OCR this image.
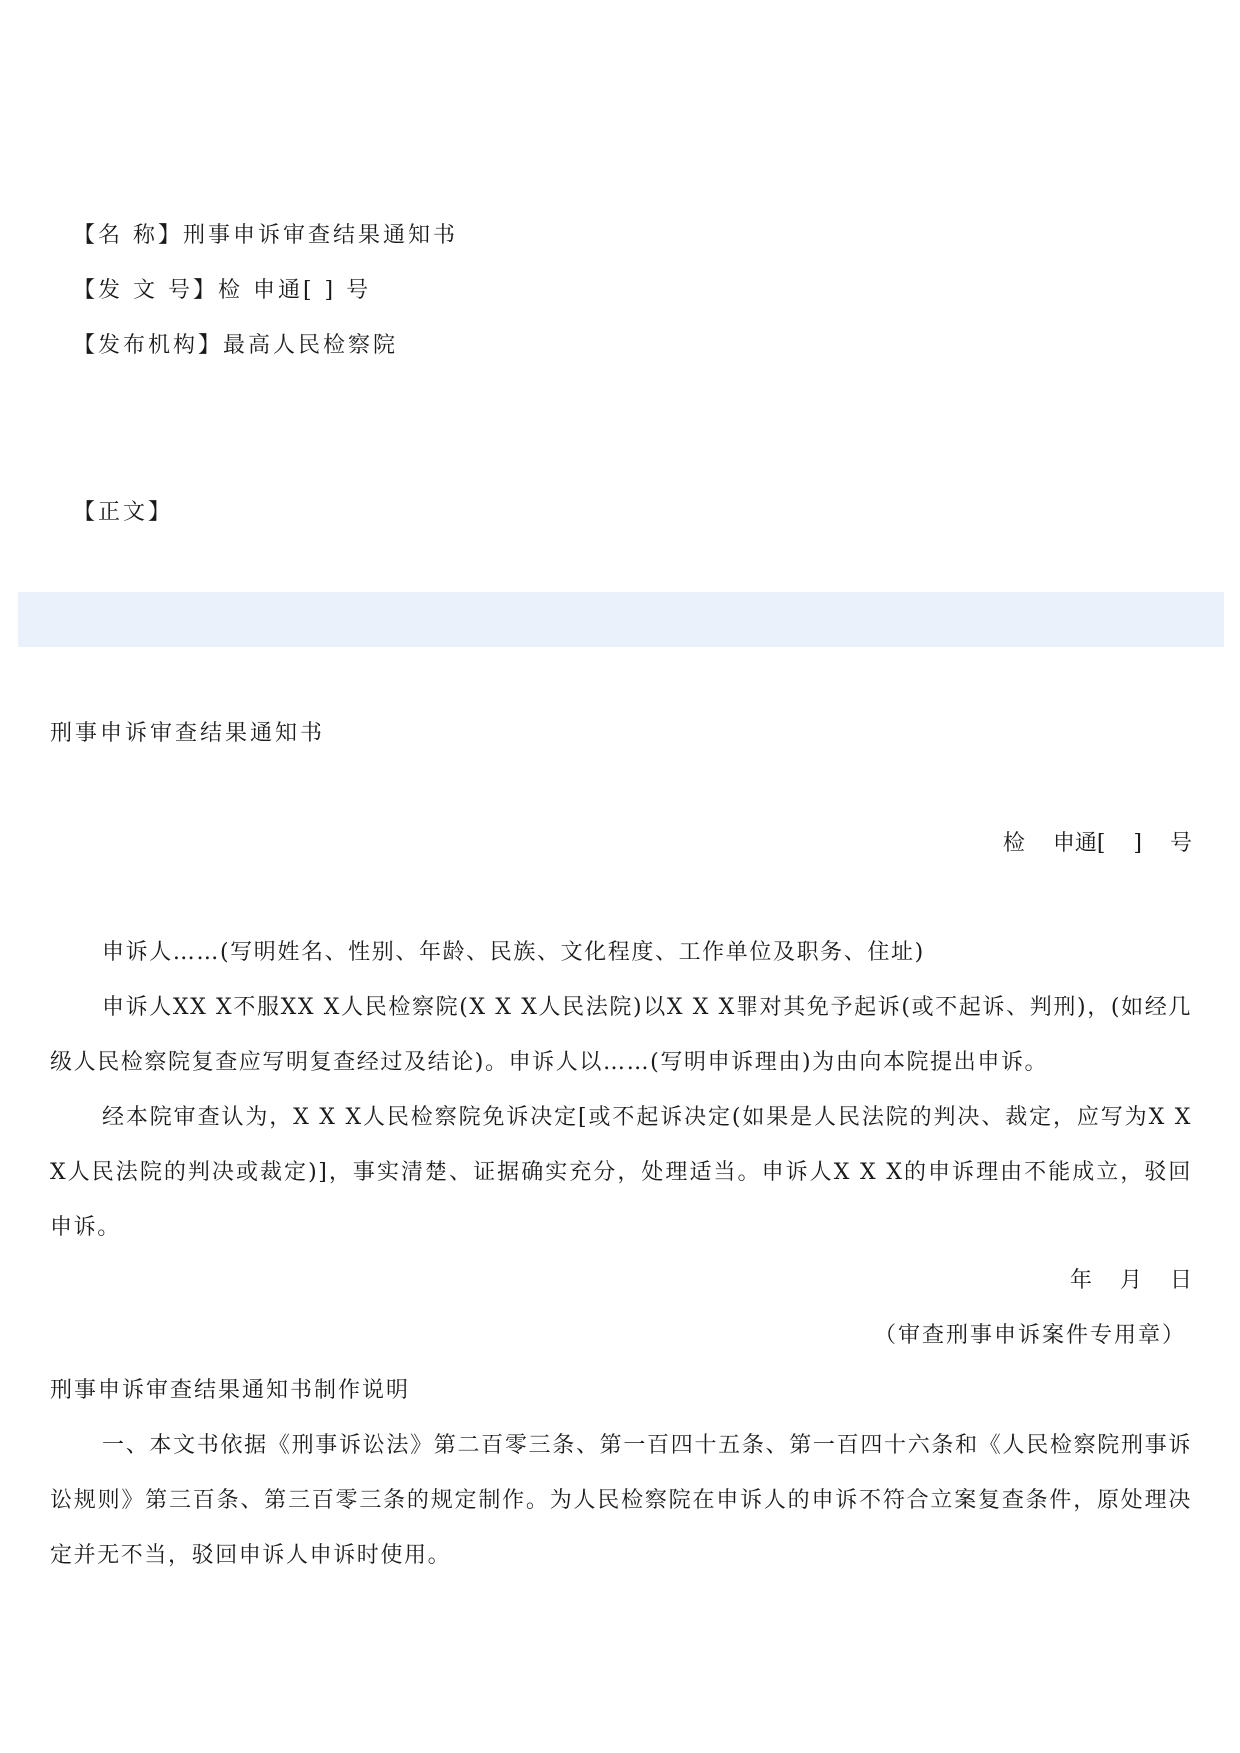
【名 称】刑事申诉审查结果通知书
【发 文 号】检 申通[ ] 号
【发布机构】最高人民检察院
【正文】
刑事申诉审查结果通知书
检    申通[    ]    号
申诉人……(写明姓名、性别、年龄、民族、文化程度、工作单位及职务、住址)
申诉人XX X不服XX X人民检察院(X X X人民法院)以X X X罪对其免予起诉(或不起诉、判刑)，(如经几级人民检察院复查应写明复查经过及结论)。申诉人以……(写明申诉理由)为由向本院提出申诉。
经本院审查认为，X X X人民检察院免诉决定[或不起诉决定(如果是人民法院的判决、裁定，应写为X X X人民法院的判决或裁定)]，事实清楚、证据确实充分，处理适当。申诉人X X X的申诉理由不能成立，驳回申诉。
年    月    日
（审查刑事申诉案件专用章）
刑事申诉审查结果通知书制作说明
一、本文书依据《刑事诉讼法》第二百零三条、第一百四十五条、第一百四十六条和《人民检察院刑事诉讼规则》第三百条、第三百零三条的规定制作。为人民检察院在申诉人的申诉不符合立案复查条件，原处理决定并无不当，驳回申诉人申诉时使用。
